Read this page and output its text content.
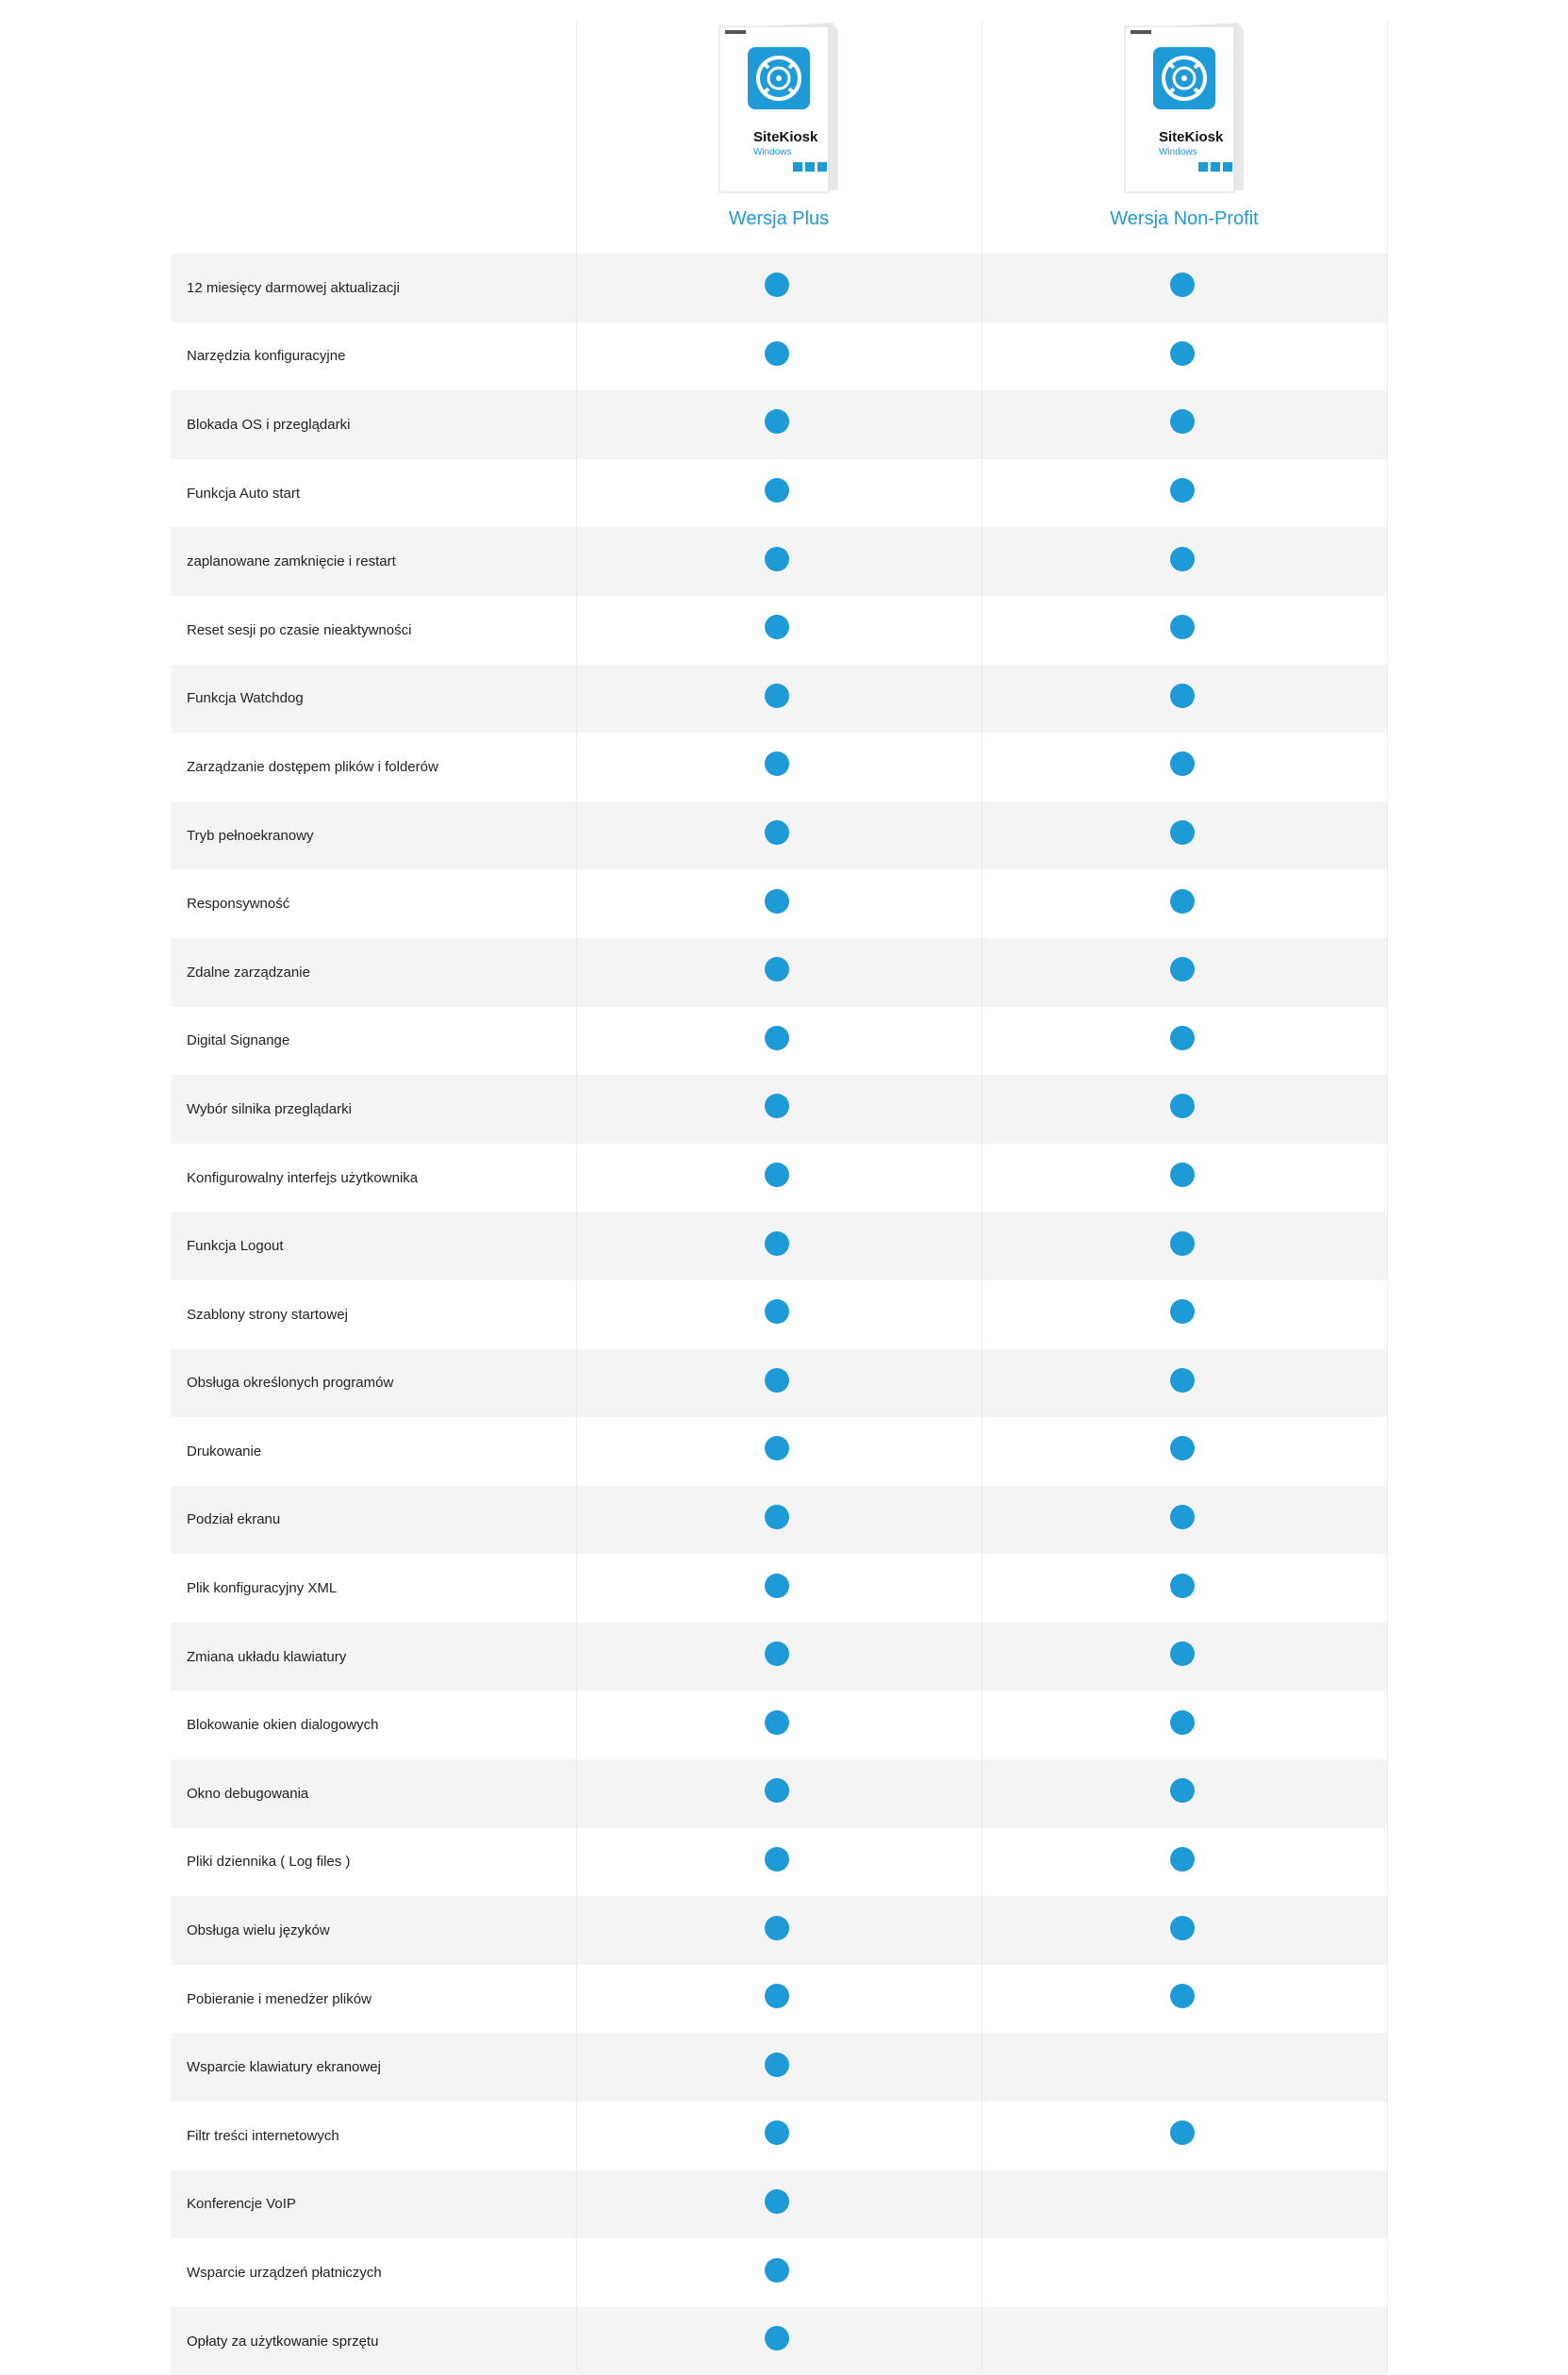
SiteKiosk
Windows
Wersja Plus
SiteKiosk
Windows
Wersja Non-Profit
12 miesięcy darmowej aktualizacji
Narzędzia konfiguracyjne
Blokada OS i przeglądarki
Funkcja Auto start
zaplanowane zamknięcie i restart
Reset sesji po czasie nieaktywności
Funkcja Watchdog
Zarządzanie dostępem plików i folderów
Tryb pełnoekranowy
Responsywność
Zdalne zarządzanie
Digital Signange
Wybór silnika przeglądarki
Konfigurowalny interfejs użytkownika
Funkcja Logout
Szablony strony startowej
Obsługa określonych programów
Drukowanie
Podział ekranu
Plik konfiguracyjny XML
Zmiana układu klawiatury
Blokowanie okien dialogowych
Okno debugowania
Pliki dziennika ( Log files )
Obsługa wielu języków
Pobieranie i menedżer plików
Wsparcie klawiatury ekranowej
Filtr treści internetowych
Konferencje VoIP
Wsparcie urządzeń płatniczych
Opłaty za użytkowanie sprzętu
